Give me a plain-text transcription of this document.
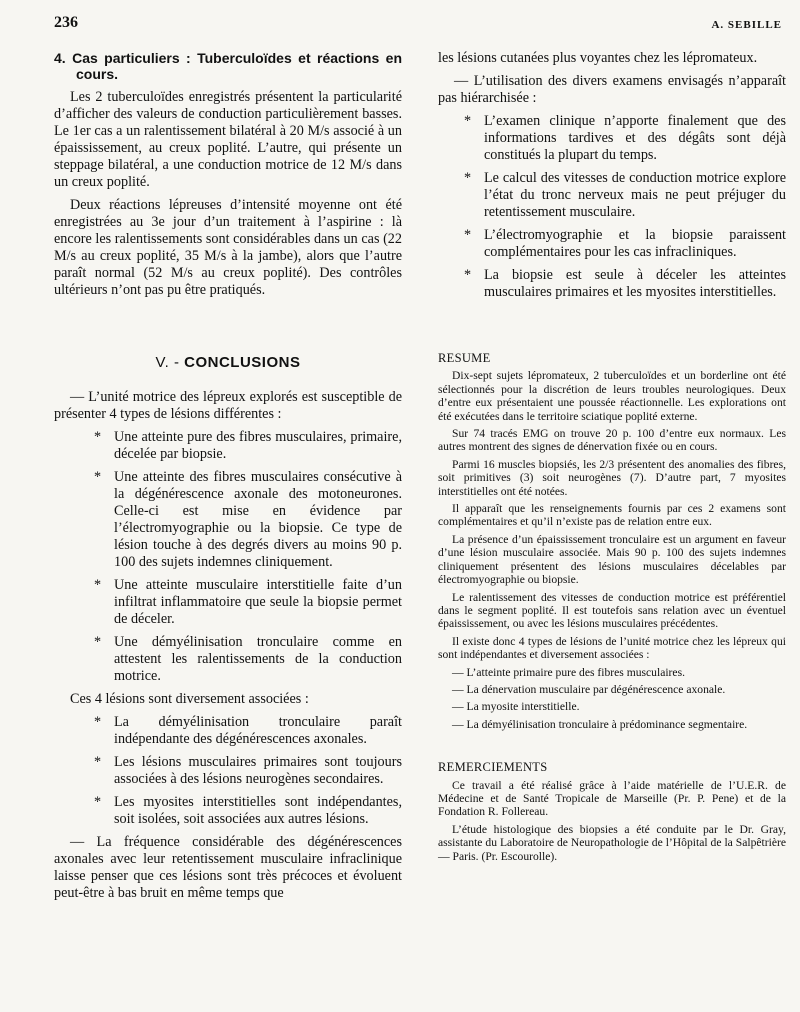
236	A. SEBILLE

4. Cas particuliers : Tuberculoïdes et réactions en cours.

Les 2 tuberculoïdes enregistrés présentent la particularité d’afficher des valeurs de conduction particulièrement basses. Le 1er cas a un ralentissement bilatéral à 20 M/s associé à un épaississement, au creux poplité. L’autre, qui présente un steppage bilatéral, a une conduction motrice de 12 M/s dans un creux poplité.

Deux réactions lépreuses d’intensité moyenne ont été enregistrées au 3e jour d’un traitement à l’aspirine : là encore les ralentissements sont considérables dans un cas (22 M/s au creux poplité, 35 M/s à la jambe), alors que l’autre paraît normal (52 M/s au creux poplité). Des contrôles ultérieurs n’ont pas pu être pratiqués.

V. - CONCLUSIONS

— L’unité motrice des lépreux explorés est susceptible de présenter 4 types de lésions différentes :

* Une atteinte pure des fibres musculaires, primaire, décelée par biopsie.

* Une atteinte des fibres musculaires consécutive à la dégénérescence axonale des motoneurones. Celle-ci est mise en évidence par l’électromyographie ou la biopsie. Ce type de lésion touche à des degrés divers au moins 90 p. 100 des sujets indemnes cliniquement.

* Une atteinte musculaire interstitielle faite d’un infiltrat inflammatoire que seule la biopsie permet de déceler.

* Une démyélinisation tronculaire comme en attestent les ralentissements de la conduction motrice.

Ces 4 lésions sont diversement associées :

* La démyélinisation tronculaire paraît indépendante des dégénérescences axonales.

* Les lésions musculaires primaires sont toujours associées à des lésions neurogènes secondaires.

* Les myosites interstitielles sont indépendantes, soit isolées, soit associées aux autres lésions.

— La fréquence considérable des dégénérescences axonales avec leur retentissement musculaire infraclinique laisse penser que ces lésions sont très précoces et évoluent peut-être à bas bruit en même temps que

les lésions cutanées plus voyantes chez les lépromateux.

— L’utilisation des divers examens envisagés n’apparaît pas hiérarchisée :

* L’examen clinique n’apporte finalement que des informations tardives et des dégâts sont déjà constitués la plupart du temps.

* Le calcul des vitesses de conduction motrice explore l’état du tronc nerveux mais ne peut préjuger du retentissement musculaire.

* L’électromyographie et la biopsie paraissent complémentaires pour les cas infracliniques.

* La biopsie est seule à déceler les atteintes musculaires primaires et les myosites interstitielles.

RESUME

Dix-sept sujets lépromateux, 2 tuberculoïdes et un borderline ont été sélectionnés pour la discrétion de leurs troubles neurologiques. Deux d’entre eux présentaient une poussée réactionnelle. Les explorations ont été exécutées dans le territoire sciatique poplité externe.

Sur 74 tracés EMG on trouve 20 p. 100 d’entre eux normaux. Les autres montrent des signes de dénervation fixée ou en cours.

Parmi 16 muscles biopsiés, les 2/3 présentent des anomalies des fibres, soit primitives (3) soit neurogènes (7). D’autre part, 7 myosites interstitielles ont été notées.

Il apparaît que les renseignements fournis par ces 2 examens sont complémentaires et qu’il n’existe pas de relation entre eux.

La présence d’un épaississement tronculaire est un argument en faveur d’une lésion musculaire associée. Mais 90 p. 100 des sujets indemnes cliniquement présentent des lésions musculaires décelables par électromyographie ou biopsie.

Le ralentissement des vitesses de conduction motrice est préférentiel dans le segment poplité. Il est toutefois sans relation avec un éventuel épaississement, ou avec les lésions musculaires précédentes.

Il existe donc 4 types de lésions de l’unité motrice chez les lépreux qui sont indépendantes et diversement associées :

— L’atteinte primaire pure des fibres musculaires.

— La dénervation musculaire par dégénérescence axonale.

— La myosite interstitielle.

— La démyélinisation tronculaire à prédominance segmentaire.

REMERCIEMENTS

Ce travail a été réalisé grâce à l’aide matérielle de l’U.E.R. de Médecine et de Santé Tropicale de Marseille (Pr. P. Pene) et de la Fondation R. Follereau.

L’étude histologique des biopsies a été conduite par le Dr. Gray, assistante du Laboratoire de Neuropathologie de l’Hôpital de la Salpêtrière — Paris. (Pr. Escourolle).
